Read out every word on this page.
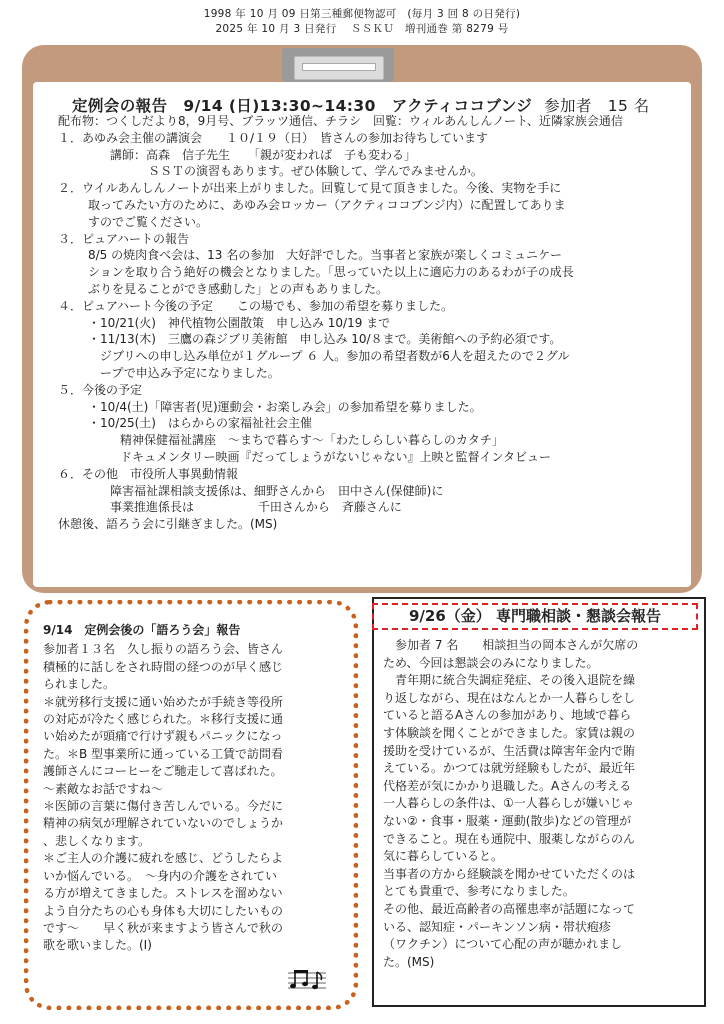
1998 年 10 月 09 日第三種郵便物認可　(毎月 3 回 8 の日発行)
2025 年 10 月 3 日発行　 ＳＳＫＵ　増刊通巻 第 8279 号
定例会の報告 9/14 (日)13:30~14:30 アクティココブンジ 参加者　15 名
配布物：つくしだより8，9月号、ブラッツ通信、チラシ　回覧：ウィルあんしんノート、近隣家族会通信
１．あゆみ会主催の講演会　　１０/１９（日）　皆さんの参加お待ちしています
講師：高森　信子先生　　「親が変われば　子も変わる」
ＳＳＴの演習もあります。ぜひ体験して、学んでみませんか。
２．ウイルあんしんノートが出来上がりました。回覧して見て頂きました。今後、実物を手に
取ってみたい方のために、あゆみ会ロッカー（アクティココブンジ内）に配置してありま
すのでご覧ください。
３．ピュアハートの報告
8/5 の焼肉食べ会は、13 名の参加　大好評でした。当事者と家族が楽しくコミュニケー
ションを取り合う絶好の機会となりました。「思っていた以上に適応力のあるわが子の成長
ぶりを見ることができ感動した」との声もありました。
４．ピュアハート今後の予定　　この場でも、参加の希望を募りました。
・10/21(火)　神代植物公園散策　申し込み 10/19 まで
・11/13(木)　三鷹の森ジブリ美術館　申し込み 10/８まで。美術館への予約必須です。
　ジブリへの申し込み単位が１グループ ６ 人。参加の希望者数が6人を超えたので２グル
　ープで申込み予定になりました。
５．今後の予定
・10/4(土)「障害者(児)運動会・お楽しみ会」の参加希望を募りました。
・10/25(土)　はらからの家福祉社会主催
精神保健福祉講座　～まちで暮らす～「わたしらしい暮らしのカタチ」
ドキュメンタリー映画『だってしょうがないじゃない』上映と監督インタビュー
６．その他　市役所人事異動情報
障害福祉課相談支援係は、細野さんから　田中さん(保健師)に
事業推進係長は　　　　　 千田さんから　斉藤さんに
休憩後、語ろう会に引継ぎました。(MS)
9/14　定例会後の「語ろう会」報告
参加者１３名　久し振りの語ろう会、皆さん
積極的に話しをされ時間の経つのが早く感じ
られました。
＊就労移行支援に通い始めたが手続き等役所
の対応が冷たく感じられた。＊移行支援に通
い始めたが頭痛で行けず親もパニックになっ
た。＊B 型事業所に通っている工賃で訪問看
護師さんにコーヒーをご馳走して喜ばれた。
～素敵なお話ですね～
＊医師の言葉に傷付き苦しんでいる。今だに
精神の病気が理解されていないのでしょうか
、悲しくなります。
＊ご主人の介護に疲れを感じ、どうしたらよ
いか悩んでいる。　～身内の介護をされてい
る方が増えてきました。ストレスを溜めない
よう自分たちの心も身体も大切にしたいもの
です～　　早く秋が来ますよう皆さんで秋の
歌を歌いました。(I)
9/26（金） 専門職相談・懇談会報告
　参加者 7 名　　相談担当の岡本さんが欠席の
ため、今回は懇談会のみになりました。
　青年期に統合失調症発症、その後入退院を繰
り返しながら、現在はなんとか一人暮らしをし
ていると語るAさんの参加があり、地域で暮ら
す体験談を聞くことができました。家賃は親の
援助を受けているが、生活費は障害年金内で賄
えている。かつては就労経験もしたが、最近年
代格差が気にかかり退職した。Aさんの考える
一人暮らしの条件は、①一人暮らしが嫌いじゃ
ない②・食事・服薬・運動(散歩)などの管理が
できること。現在も通院中、服薬しながらのん
気に暮らしていると。
当事者の方から経験談を聞かせていただくのは
とても貴重で、参考になりました。
その他、最近高齢者の高罹患率が話題になって
いる、認知症・パーキンソン病・帯状疱疹
（ワクチン）について心配の声が聴かれまし
た。(MS)
